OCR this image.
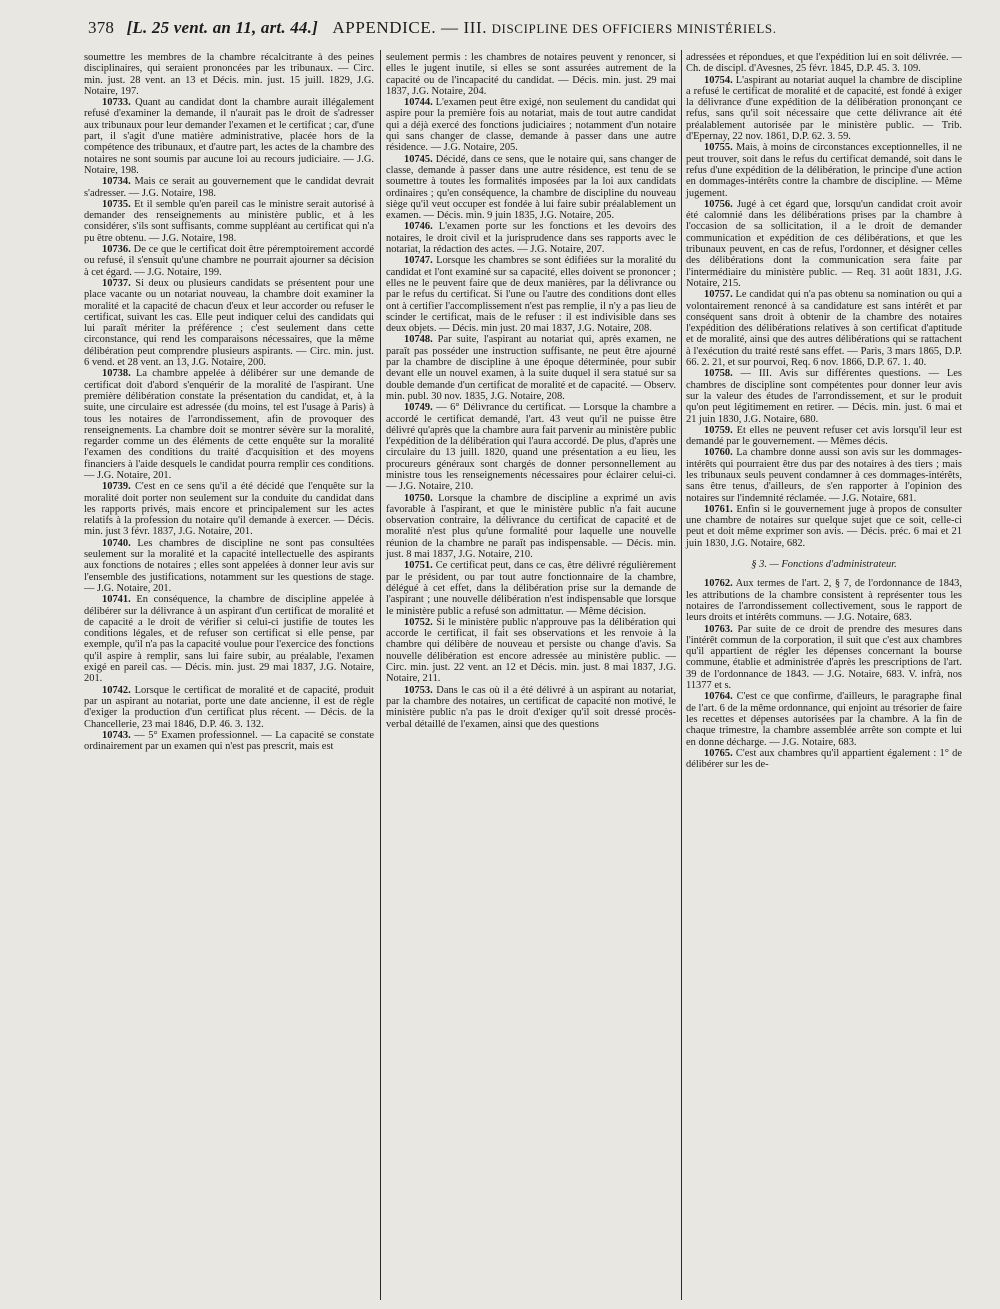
378 [L. 25 vent. an 11, art. 44.] APPENDICE. — III. DISCIPLINE DES OFFICIERS MINISTÉRIELS.

soumettre les membres de la chambre récalcitrante à des peines disciplinaires, qui seraient prononcées par les tribunaux. — Circ. min. just. 28 vent. an 13 et Décis. min. just. 15 juill. 1829, J.G. Notaire, 197.

10733. Quant au candidat dont la chambre aurait illégalement refusé d'examiner la demande, il n'aurait pas le droit de s'adresser aux tribunaux pour leur demander l'examen et le certificat ; car, d'une part, il s'agit d'une matière administrative, placée hors de la compétence des tribunaux, et d'autre part, les actes de la chambre des notaires ne sont soumis par aucune loi au recours judiciaire. — J.G. Notaire, 198.

10734. Mais ce serait au gouvernement que le candidat devrait s'adresser. — J.G. Notaire, 198.

10735. Et il semble qu'en pareil cas le ministre serait autorisé à demander des renseignements au ministère public, et à les considérer, s'ils sont suffisants, comme suppléant au certificat qui n'a pu être obtenu. — J.G. Notaire, 198.

10736. De ce que le certificat doit être péremptoirement accordé ou refusé, il s'ensuit qu'une chambre ne pourrait ajourner sa décision à cet égard. — J.G. Notaire, 199.

10737. Si deux ou plusieurs candidats se présentent pour une place vacante ou un notariat nouveau, la chambre doit examiner la moralité et la capacité de chacun d'eux et leur accorder ou refuser le certificat, suivant les cas. Elle peut indiquer celui des candidats qui lui paraît mériter la préférence ; c'est seulement dans cette circonstance, qui rend les comparaisons nécessaires, que la même délibération peut comprendre plusieurs aspirants. — Circ. min. just. 6 vend. et 28 vent. an 13, J.G. Notaire, 200.

10738. La chambre appelée à délibérer sur une demande de certificat doit d'abord s'enquérir de la moralité de l'aspirant. Une première délibération constate la présentation du candidat, et, à la suite, une circulaire est adressée (du moins, tel est l'usage à Paris) à tous les notaires de l'arrondissement, afin de provoquer des renseignements. La chambre doit se montrer sévère sur la moralité, regarder comme un des éléments de cette enquête sur la moralité l'examen des conditions du traité d'acquisition et des moyens financiers à l'aide desquels le candidat pourra remplir ces conditions. — J.G. Notaire, 201.

10739. C'est en ce sens qu'il a été décidé que l'enquête sur la moralité doit porter non seulement sur la conduite du candidat dans les rapports privés, mais encore et principalement sur les actes relatifs à la profession du notaire qu'il demande à exercer. — Décis. min. just 3 févr. 1837, J.G. Notaire, 201.

10740. Les chambres de discipline ne sont pas consultées seulement sur la moralité et la capacité intellectuelle des aspirants aux fonctions de notaires ; elles sont appelées à donner leur avis sur l'ensemble des justifications, notamment sur les questions de stage. — J.G. Notaire, 201.

10741. En conséquence, la chambre de discipline appelée à délibérer sur la délivrance à un aspirant d'un certificat de moralité et de capacité a le droit de vérifier si celui-ci justifie de toutes les conditions légales, et de refuser son certificat si elle pense, par exemple, qu'il n'a pas la capacité voulue pour l'exercice des fonctions qu'il aspire à remplir, sans lui faire subir, au préalable, l'examen exigé en pareil cas. — Décis. min. just. 29 mai 1837, J.G. Notaire, 201.

10742. Lorsque le certificat de moralité et de capacité, produit par un aspirant au notariat, porte une date ancienne, il est de règle d'exiger la production d'un certificat plus récent. — Décis. de la Chancellerie, 23 mai 1846, D.P. 46. 3. 132.

10743. — 5° Examen professionnel. — La capacité se constate ordinairement par un examen qui n'est pas prescrit, mais est

seulement permis : les chambres de notaires peuvent y renoncer, si elles le jugent inutile, si elles se sont assurées autrement de la capacité ou de l'incapacité du candidat. — Décis. min. just. 29 mai 1837, J.G. Notaire, 204.

10744. L'examen peut être exigé, non seulement du candidat qui aspire pour la première fois au notariat, mais de tout autre candidat qui a déjà exercé des fonctions judiciaires ; notamment d'un notaire qui sans changer de classe, demande à passer dans une autre résidence. — J.G. Notaire, 205.

10745. Décidé, dans ce sens, que le notaire qui, sans changer de classe, demande à passer dans une autre résidence, est tenu de se soumettre à toutes les formalités imposées par la loi aux candidats ordinaires ; qu'en conséquence, la chambre de discipline du nouveau siège qu'il veut occuper est fondée à lui faire subir préalablement un examen. — Décis. min. 9 juin 1835, J.G. Notaire, 205.

10746. L'examen porte sur les fonctions et les devoirs des notaires, le droit civil et la jurisprudence dans ses rapports avec le notariat, la rédaction des actes. — J.G. Notaire, 207.

10747. Lorsque les chambres se sont édifiées sur la moralité du candidat et l'ont examiné sur sa capacité, elles doivent se prononcer ; elles ne le peuvent faire que de deux manières, par la délivrance ou par le refus du certificat. Si l'une ou l'autre des conditions dont elles ont à certifier l'accomplissement n'est pas remplie, il n'y a pas lieu de scinder le certificat, mais de le refuser : il est indivisible dans ses deux objets. — Décis. min just. 20 mai 1837, J.G. Notaire, 208.

10748. Par suite, l'aspirant au notariat qui, après examen, ne paraît pas posséder une instruction suffisante, ne peut être ajourné par la chambre de discipline à une époque déterminée, pour subir devant elle un nouvel examen, à la suite duquel il sera statué sur sa double demande d'un certificat de moralité et de capacité. — Observ. min. publ. 30 nov. 1835, J.G. Notaire, 208.

10749. — 6° Délivrance du certificat. — Lorsque la chambre a accordé le certificat demandé, l'art. 43 veut qu'il ne puisse être délivré qu'après que la chambre aura fait parvenir au ministère public l'expédition de la délibération qui l'aura accordé. De plus, d'après une circulaire du 13 juill. 1820, quand une présentation a eu lieu, les procureurs généraux sont chargés de donner personnellement au ministre tous les renseignements nécessaires pour éclairer celui-ci. — J.G. Notaire, 210.

10750. Lorsque la chambre de discipline a exprimé un avis favorable à l'aspirant, et que le ministère public n'a fait aucune observation contraire, la délivrance du certificat de capacité et de moralité n'est plus qu'une formalité pour laquelle une nouvelle réunion de la chambre ne paraît pas indispensable. — Décis. min. just. 8 mai 1837, J.G. Notaire, 210.

10751. Ce certificat peut, dans ce cas, être délivré régulièrement par le président, ou par tout autre fonctionnaire de la chambre, délégué à cet effet, dans la délibération prise sur la demande de l'aspirant ; une nouvelle délibération n'est indispensable que lorsque le ministère public a refusé son admittatur. — Même décision.

10752. Si le ministère public n'approuve pas la délibération qui accorde le certificat, il fait ses observations et les renvoie à la chambre qui délibère de nouveau et persiste ou change d'avis. Sa nouvelle délibération est encore adressée au ministère public. — Circ. min. just. 22 vent. an 12 et Décis. min. just. 8 mai 1837, J.G. Notaire, 211.

10753. Dans le cas où il a été délivré à un aspirant au notariat, par la chambre des notaires, un certificat de capacité non motivé, le ministère public n'a pas le droit d'exiger qu'il soit dressé procès-verbal détaillé de l'examen, ainsi que des questions

adressées et répondues, et que l'expédition lui en soit délivrée. — Ch. de discipl. d'Avesnes, 25 févr. 1845, D.P. 45. 3. 109.

10754. L'aspirant au notariat auquel la chambre de discipline a refusé le certificat de moralité et de capacité, est fondé à exiger la délivrance d'une expédition de la délibération prononçant ce refus, sans qu'il soit nécessaire que cette délivrance ait été préalablement autorisée par le ministère public. — Trib. d'Epernay, 22 nov. 1861, D.P. 62. 3. 59.

10755. Mais, à moins de circonstances exceptionnelles, il ne peut trouver, soit dans le refus du certificat demandé, soit dans le refus d'une expédition de la délibération, le principe d'une action en dommages-intérêts contre la chambre de discipline. — Même jugement.

10756. Jugé à cet égard que, lorsqu'un candidat croit avoir été calomnié dans les délibérations prises par la chambre à l'occasion de sa sollicitation, il a le droit de demander communication et expédition de ces délibérations, et que les tribunaux peuvent, en cas de refus, l'ordonner, et désigner celles des délibérations dont la communication sera faite par l'intermédiaire du ministère public. — Req. 31 août 1831, J.G. Notaire, 215.

10757. Le candidat qui n'a pas obtenu sa nomination ou qui a volontairement renoncé à sa candidature est sans intérêt et par conséquent sans droit à obtenir de la chambre des notaires l'expédition des délibérations relatives à son certificat d'aptitude et de moralité, ainsi que des autres délibérations qui se rattachent à l'exécution du traité resté sans effet. — Paris, 3 mars 1865, D.P. 66. 2. 21, et sur pourvoi, Req. 6 nov. 1866, D.P. 67. 1. 40.

10758. — III. Avis sur différentes questions. — Les chambres de discipline sont compétentes pour donner leur avis sur la valeur des études de l'arrondissement, et sur le produit qu'on peut légitimement en retirer. — Décis. min. just. 6 mai et 21 juin 1830, J.G. Notaire, 680.

10759. Et elles ne peuvent refuser cet avis lorsqu'il leur est demandé par le gouvernement. — Mêmes décis.

10760. La chambre donne aussi son avis sur les dommages-intérêts qui pourraient être dus par des notaires à des tiers ; mais les tribunaux seuls peuvent condamner à ces dommages-intérêts, sans être tenus, d'ailleurs, de s'en rapporter à l'opinion des notaires sur l'indemnité réclamée. — J.G. Notaire, 681.

10761. Enfin si le gouvernement juge à propos de consulter une chambre de notaires sur quelque sujet que ce soit, celle-ci peut et doit même exprimer son avis. — Décis. préc. 6 mai et 21 juin 1830, J.G. Notaire, 682.

§ 3. — Fonctions d'administrateur.

10762. Aux termes de l'art. 2, § 7, de l'ordonnance de 1843, les attributions de la chambre consistent à représenter tous les notaires de l'arrondissement collectivement, sous le rapport de leurs droits et intérêts communs. — J.G. Notaire, 683.

10763. Par suite de ce droit de prendre des mesures dans l'intérêt commun de la corporation, il suit que c'est aux chambres qu'il appartient de régler les dépenses concernant la bourse commune, établie et administrée d'après les prescriptions de l'art. 39 de l'ordonnance de 1843. — J.G. Notaire, 683. V. infrà, nos 11377 et s.

10764. C'est ce que confirme, d'ailleurs, le paragraphe final de l'art. 6 de la même ordonnance, qui enjoint au trésorier de faire les recettes et dépenses autorisées par la chambre. A la fin de chaque trimestre, la chambre assemblée arrête son compte et lui en donne décharge. — J.G. Notaire, 683.

10765. C'est aux chambres qu'il appartient également : 1° de délibérer sur les de-
